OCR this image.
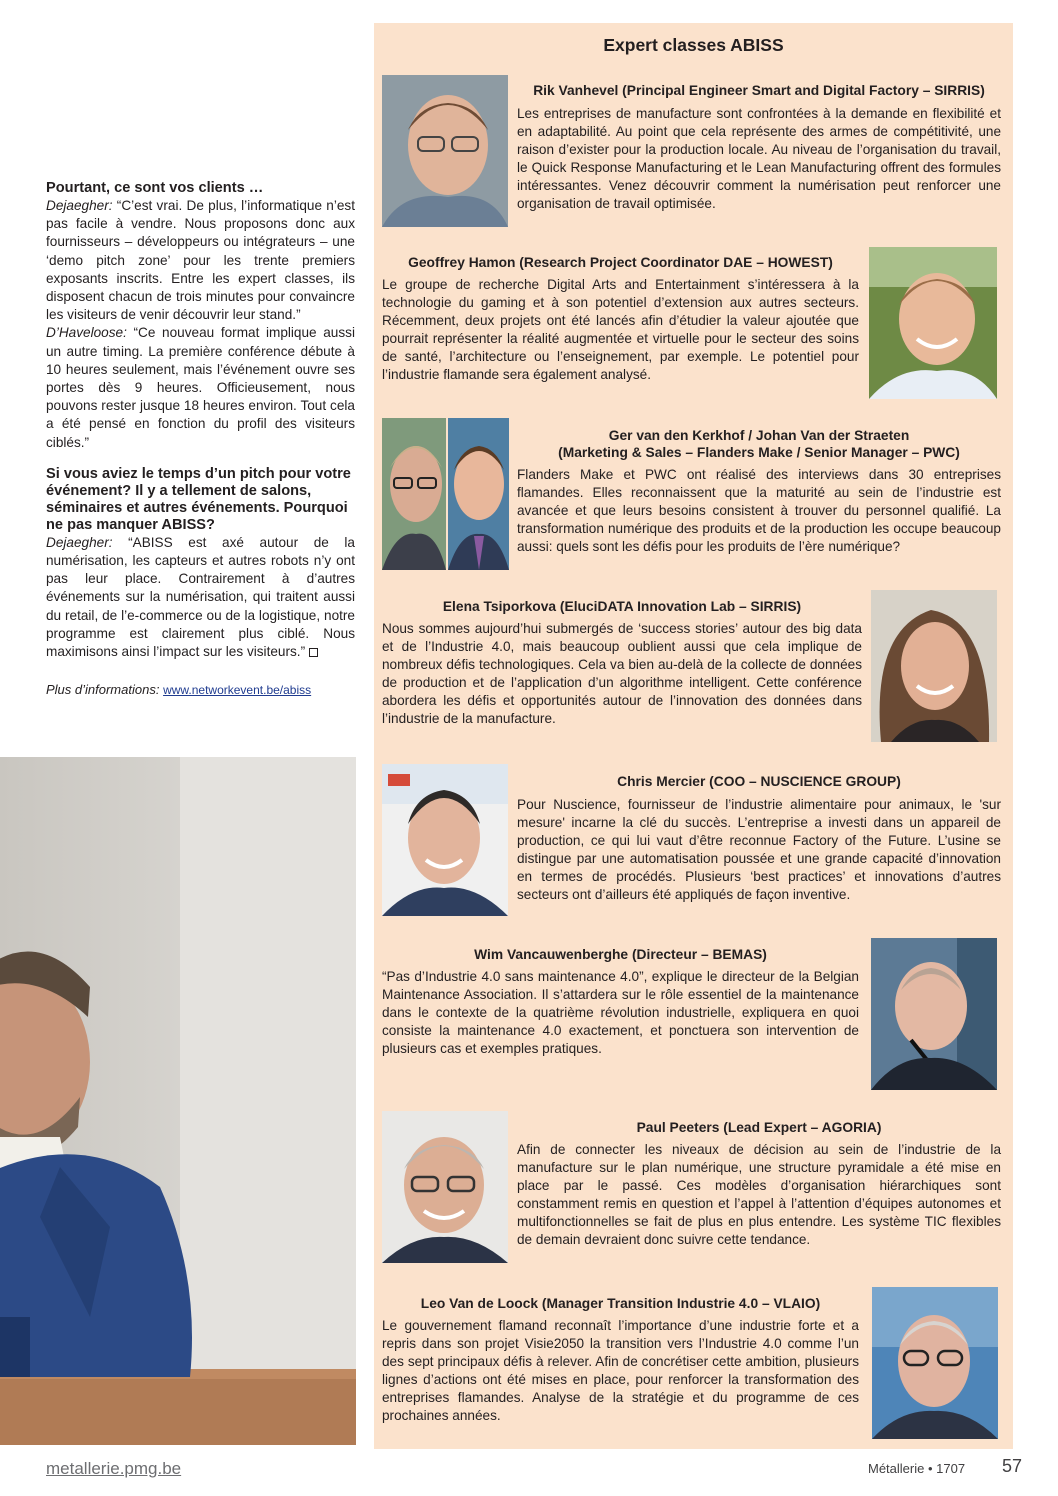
Pourtant, ce sont vos clients …

Dejaegher: “C’est vrai. De plus, l’informatique n’est pas facile à vendre. Nous proposons donc aux fournisseurs – développeurs ou intégrateurs – une ‘demo pitch zone’ pour les trente premiers exposants inscrits. Entre les expert classes, ils disposent chacun de trois minutes pour convaincre les visiteurs de venir découvrir leur stand.”

D’Haveloose: “Ce nouveau format implique aussi un autre timing. La première conférence débute à 10 heures seulement, mais l’événement ouvre ses portes dès 9 heures. Officieusement, nous pouvons rester jusque 18 heures environ. Tout cela a été pensé en fonction du profil des visiteurs ciblés.”

Si vous aviez le temps d’un pitch pour votre événement? Il y a tellement de salons, séminaires et autres événements. Pourquoi ne pas manquer ABISS?

Dejaegher: “ABISS est axé autour de la numérisation, les capteurs et autres robots n’y ont pas leur place. Contrairement à d’autres événements sur la numérisation, qui traitent aussi du retail, de l’e-commerce ou de la logistique, notre programme est clairement plus ciblé. Nous maximisons ainsi l’impact sur les visiteurs.”

Plus d’informations: www.networkevent.be/abiss

Expert classes ABISS

Rik Vanhevel (Principal Engineer Smart and Digital Factory – SIRRIS)

Les entreprises de manufacture sont confrontées à la demande en flexibilité et en adaptabilité. Au point que cela représente des armes de compétitivité, une raison d’exister pour la production locale. Au niveau de l’organisation du travail, le Quick Response Manufacturing et le Lean Manufacturing offrent des formules intéressantes. Venez découvrir comment la numérisation peut renforcer une organisation de travail optimisée.

Geoffrey Hamon (Research Project Coordinator DAE – HOWEST)

Le groupe de recherche Digital Arts and Entertainment s’intéressera à la technologie du gaming et à son potentiel d’extension aux autres secteurs. Récemment, deux projets ont été lancés afin d’étudier la valeur ajoutée que pourrait représenter la réalité augmentée et virtuelle pour le secteur des soins de santé, l’architecture ou l’enseignement, par exemple. Le potentiel pour l’industrie flamande sera également analysé.

Ger van den Kerkhof / Johan Van der Straeten

(Marketing & Sales – Flanders Make / Senior Manager – PWC)

Flanders Make et PWC ont réalisé des interviews dans 30 entreprises flamandes. Elles reconnaissent que la maturité au sein de l’industrie est avancée et que leurs besoins consistent à trouver du personnel qualifié. La transformation numérique des produits et de la production les occupe beaucoup aussi: quels sont les défis pour les produits de l’ère numérique?

Elena Tsiporkova (EluciDATA Innovation Lab – SIRRIS)

Nous sommes aujourd’hui submergés de ‘success stories’ autour des big data et de l’Industrie 4.0, mais beaucoup oublient aussi que cela implique de nombreux défis technologiques. Cela va bien au-delà de la collecte de données de production et de l’application d’un algorithme intelligent. Cette conférence abordera les défis et opportunités autour de l’innovation des données dans l’industrie de la manufacture.

Chris Mercier (COO – NUSCIENCE GROUP)

Pour Nuscience, fournisseur de l’industrie alimentaire pour animaux, le 'sur mesure' incarne la clé du succès. L’entreprise a investi dans un appareil de production, ce qui lui vaut d’être reconnue Factory of the Future. L’usine se distingue par une automatisation poussée et une grande capacité d’innovation en termes de procédés. Plusieurs ‘best practices’ et innovations d’autres secteurs ont d’ailleurs été appliqués de façon inventive.

Wim Vancauwenberghe (Directeur – BEMAS)

“Pas d’Industrie 4.0 sans maintenance 4.0”, explique le directeur de la Belgian Maintenance Association. Il s’attardera sur le rôle essentiel de la maintenance dans le contexte de la quatrième révolution industrielle, expliquera en quoi consiste la maintenance 4.0 exactement, et ponctuera son intervention de plusieurs cas et exemples pratiques.

Paul Peeters (Lead Expert – AGORIA)

Afin de connecter les niveaux de décision au sein de l’industrie de la manufacture sur le plan numérique, une structure pyramidale a été mise en place par le passé. Ces modèles d’organisation hiérarchiques sont constamment remis en question et l’appel à l’attention d’équipes autonomes et multifonctionnelles se fait de plus en plus entendre. Les système TIC flexibles de demain devraient donc suivre cette tendance.

Leo Van de Loock (Manager Transition Industrie 4.0 – VLAIO)

Le gouvernement flamand reconnaît l’importance d’une industrie forte et a repris dans son projet Visie2050 la transition vers l’Industrie 4.0 comme l’un des sept principaux défis à relever. Afin de concrétiser cette ambition, plusieurs lignes d’actions ont été mises en place, pour renforcer la transformation des entreprises flamandes. Analyse de la stratégie et du programme de ces prochaines années.

metallerie.pmg.be	Métallerie • 1707 57
